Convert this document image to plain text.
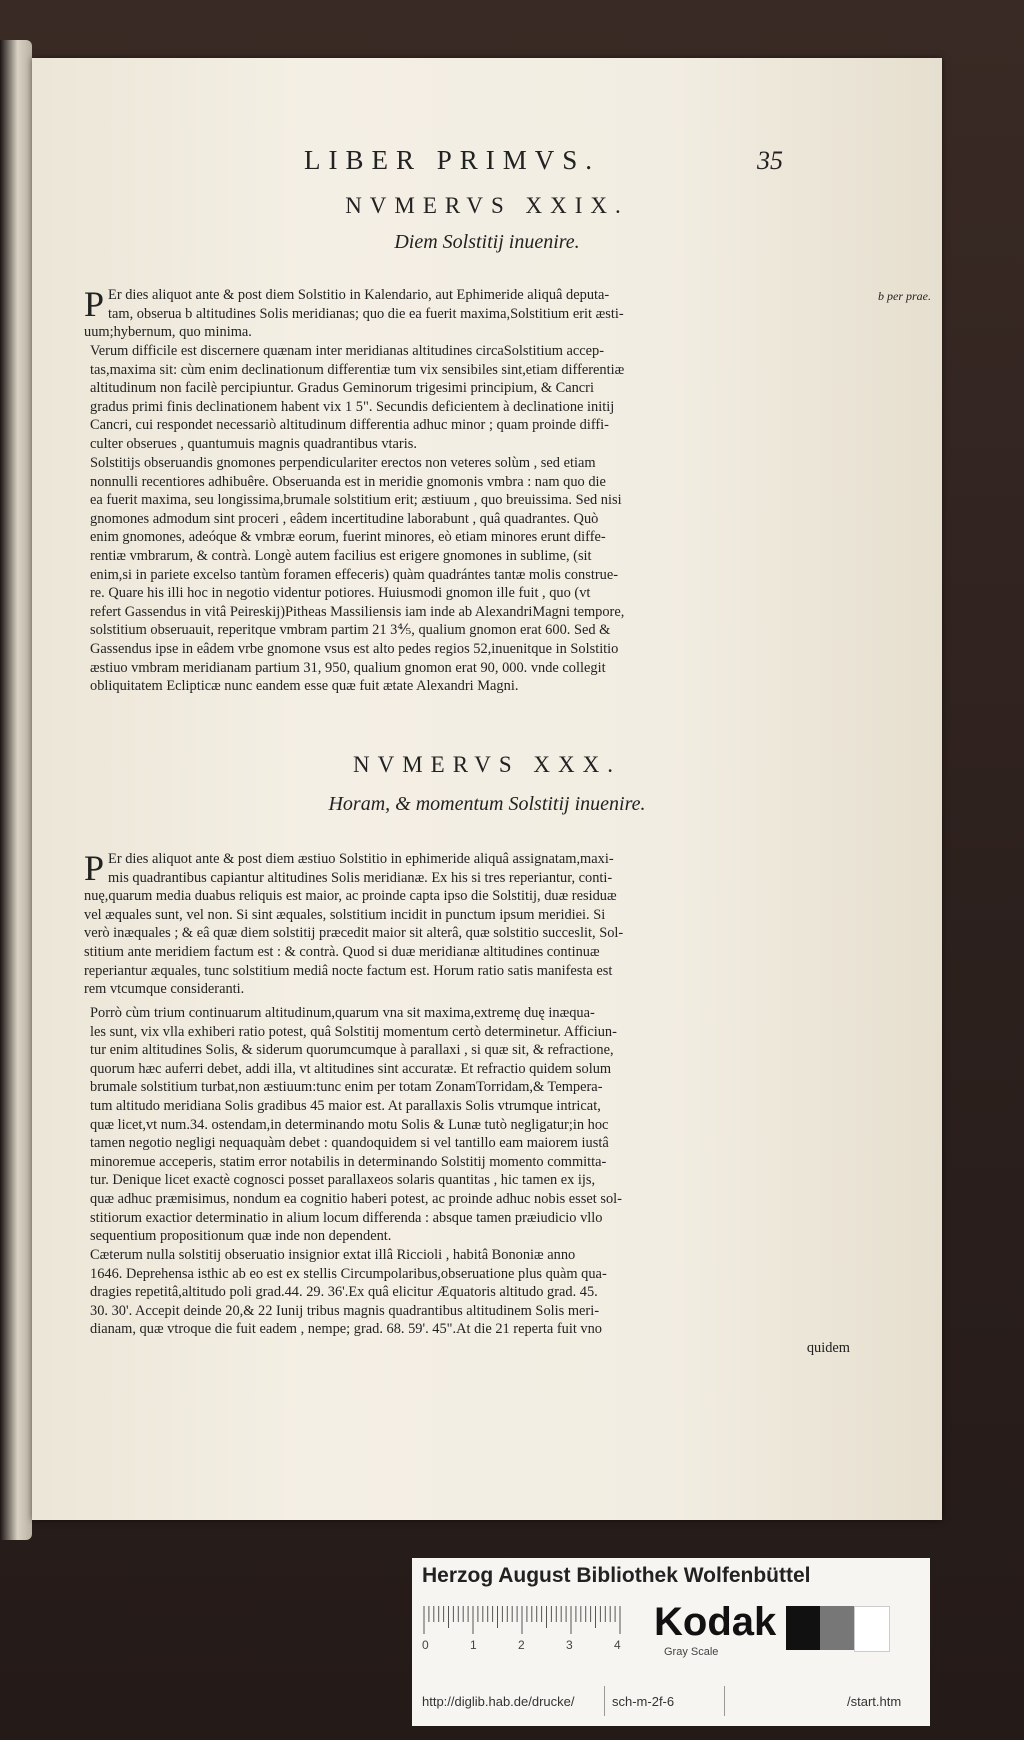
LIBER PRIMVS.	35
NVMERVS XXIX.
Diem Solstitij inuenire.
b per prae.
P Er dies aliquot ante & post diem Solstitio in Kalendario, aut Ephimeride aliquâ deputa-
tam, obserua b altitudines Solis meridianas; quo die ea fuerit maxima,Solstitium erit æsti-
uum;hybernum, quo minima.
Verum difficile est discernere quænam inter meridianas altitudines circaSolstitium accep-
tas,maxima sit: cùm enim declinationum differentiæ tum vix sensibiles sint,etiam differentiæ
altitudinum non facilè percipiuntur. Gradus Geminorum trigesimi principium, & Cancri
gradus primi finis declinationem habent vix 1 5". Secundis deficientem à declinatione initij
Cancri, cui respondet necessariò altitudinum differentia adhuc minor ; quam proinde diffi-
culter obserues , quantumuis magnis quadrantibus vtaris.
Solstitijs obseruandis gnomones perpendiculariter erectos non veteres solùm , sed etiam
nonnulli recentiores adhibuêre. Obseruanda est in meridie gnomonis vmbra : nam quo die
ea fuerit maxima, seu longissima,brumale solstitium erit; æstiuum , quo breuissima. Sed nisi
gnomones admodum sint proceri , eâdem incertitudine laborabunt , quâ quadrantes. Quò
enim gnomones, adeóque & vmbræ eorum, fuerint minores, eò etiam minores erunt diffe-
rentiæ vmbrarum, & contrà. Longè autem facilius est erigere gnomones in sublime, (sit
enim,si in pariete excelso tantùm foramen effeceris) quàm quadrántes tantæ molis construe-
re. Quare his illi hoc in negotio videntur potiores. Huiusmodi gnomon ille fuit , quo (vt
refert Gassendus in vitâ Peireskij)Pitheas Massiliensis iam inde ab AlexandriMagni tempore,
solstitium obseruauit, reperitque vmbram partim 21 3⅘, qualium gnomon erat 600. Sed &
Gassendus ipse in eâdem vrbe gnomone vsus est alto pedes regios 52,inuenitque in Solstitio
æstiuo vmbram meridianam partium 31, 950, qualium gnomon erat 90, 000. vnde collegit
obliquitatem Eclipticæ nunc eandem esse quæ fuit ætate Alexandri Magni.
NVMERVS XXX.
Horam, & momentum Solstitij inuenire.
P Er dies aliquot ante & post diem æstiuo Solstitio in ephimeride aliquâ assignatam,maxi-
mis quadrantibus capiantur altitudines Solis meridianæ. Ex his si tres reperiantur, conti-
nuę,quarum media duabus reliquis est maior, ac proinde capta ipso die Solstitij, duæ residuæ
vel æquales sunt, vel non. Si sint æquales, solstitium incidit in punctum ipsum meridiei. Si
verò inæquales ; & eâ quæ diem solstitij præcedit maior sit alterâ, quæ solstitio succeslit, Sol-
stitium ante meridiem factum est : & contrà. Quod si duæ meridianæ altitudines continuæ
reperiantur æquales, tunc solstitium mediâ nocte factum est. Horum ratio satis manifesta est
rem vtcumque consideranti.
Porrò cùm trium continuarum altitudinum,quarum vna sit maxima,extremę duę inæqua-
les sunt, vix vlla exhiberi ratio potest, quâ Solstitij momentum certò determinetur. Afficiun-
tur enim altitudines Solis, & siderum quorumcumque à parallaxi , si quæ sit, & refractione,
quorum hæc auferri debet, addi illa, vt altitudines sint accuratæ. Et refractio quidem solum
brumale solstitium turbat,non æstiuum:tunc enim per totam ZonamTorridam,& Tempera-
tum altitudo meridiana Solis gradibus 45 maior est. At parallaxis Solis vtrumque intricat,
quæ licet,vt num.34. ostendam,in determinando motu Solis & Lunæ tutò negligatur;in hoc
tamen negotio negligi nequaquàm debet : quandoquidem si vel tantillo eam maiorem iustâ
minoremue acceperis, statim error notabilis in determinando Solstitij momento committa-
tur. Denique licet exactè cognosci posset parallaxeos solaris quantitas , hic tamen ex ijs,
quæ adhuc præmisimus, nondum ea cognitio haberi potest, ac proinde adhuc nobis esset sol-
stitiorum exactior determinatio in alium locum differenda : absque tamen præiudicio vllo
sequentium propositionum quæ inde non dependent.
Cæterum nulla solstitij obseruatio insignior extat illâ Riccioli , habitâ Bononiæ anno
1646. Deprehensa isthic ab eo est ex stellis Circumpolaribus,obseruatione plus quàm qua-
dragies repetitâ,altitudo poli grad.44. 29. 36'.Ex quâ elicitur Æquatoris altitudo grad. 45.
30. 30'. Accepit deinde 20,& 22 Iunij tribus magnis quadrantibus altitudinem Solis meri-
dianam, quæ vtroque die fuit eadem , nempe; grad. 68. 59'. 45".At die 21 reperta fuit vno
quidem
Herzog August Bibliothek Wolfenbüttel
0	1	2	3	4
Kodak
Gray Scale
http://diglib.hab.de/drucke/	sch-m-2f-6	/start.htm
